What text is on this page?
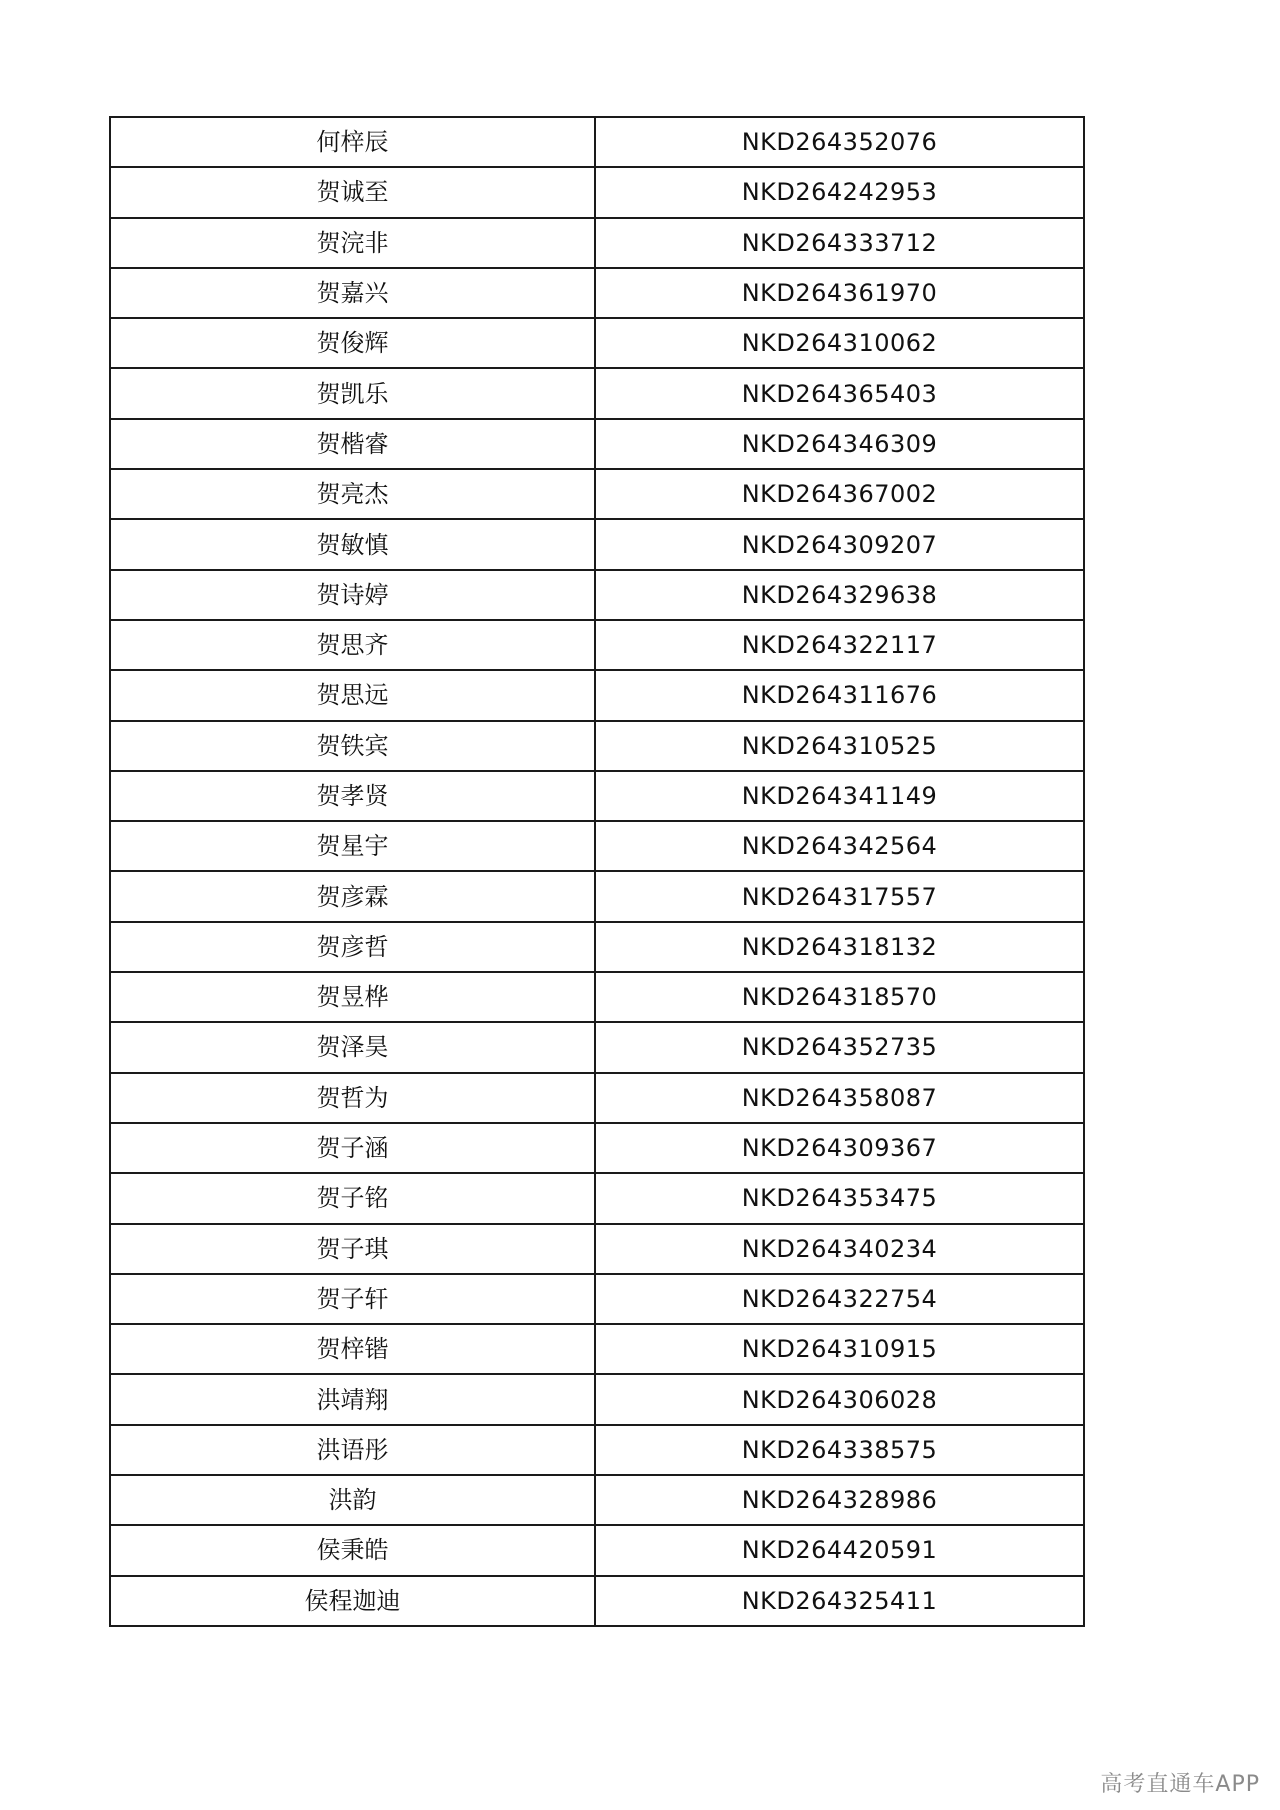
何梓辰	NKD264352076
贺诚至	NKD264242953
贺浣非	NKD264333712
贺嘉兴	NKD264361970
贺俊辉	NKD264310062
贺凯乐	NKD264365403
贺楷睿	NKD264346309
贺亮杰	NKD264367002
贺敏慎	NKD264309207
贺诗婷	NKD264329638
贺思齐	NKD264322117
贺思远	NKD264311676
贺铁宾	NKD264310525
贺孝贤	NKD264341149
贺星宇	NKD264342564
贺彦霖	NKD264317557
贺彦哲	NKD264318132
贺昱桦	NKD264318570
贺泽昊	NKD264352735
贺哲为	NKD264358087
贺子涵	NKD264309367
贺子铭	NKD264353475
贺子琪	NKD264340234
贺子轩	NKD264322754
贺梓锴	NKD264310915
洪靖翔	NKD264306028
洪语彤	NKD264338575
洪韵	NKD264328986
侯秉皓	NKD264420591
侯程迦迪	NKD264325411
高考直通车APP
